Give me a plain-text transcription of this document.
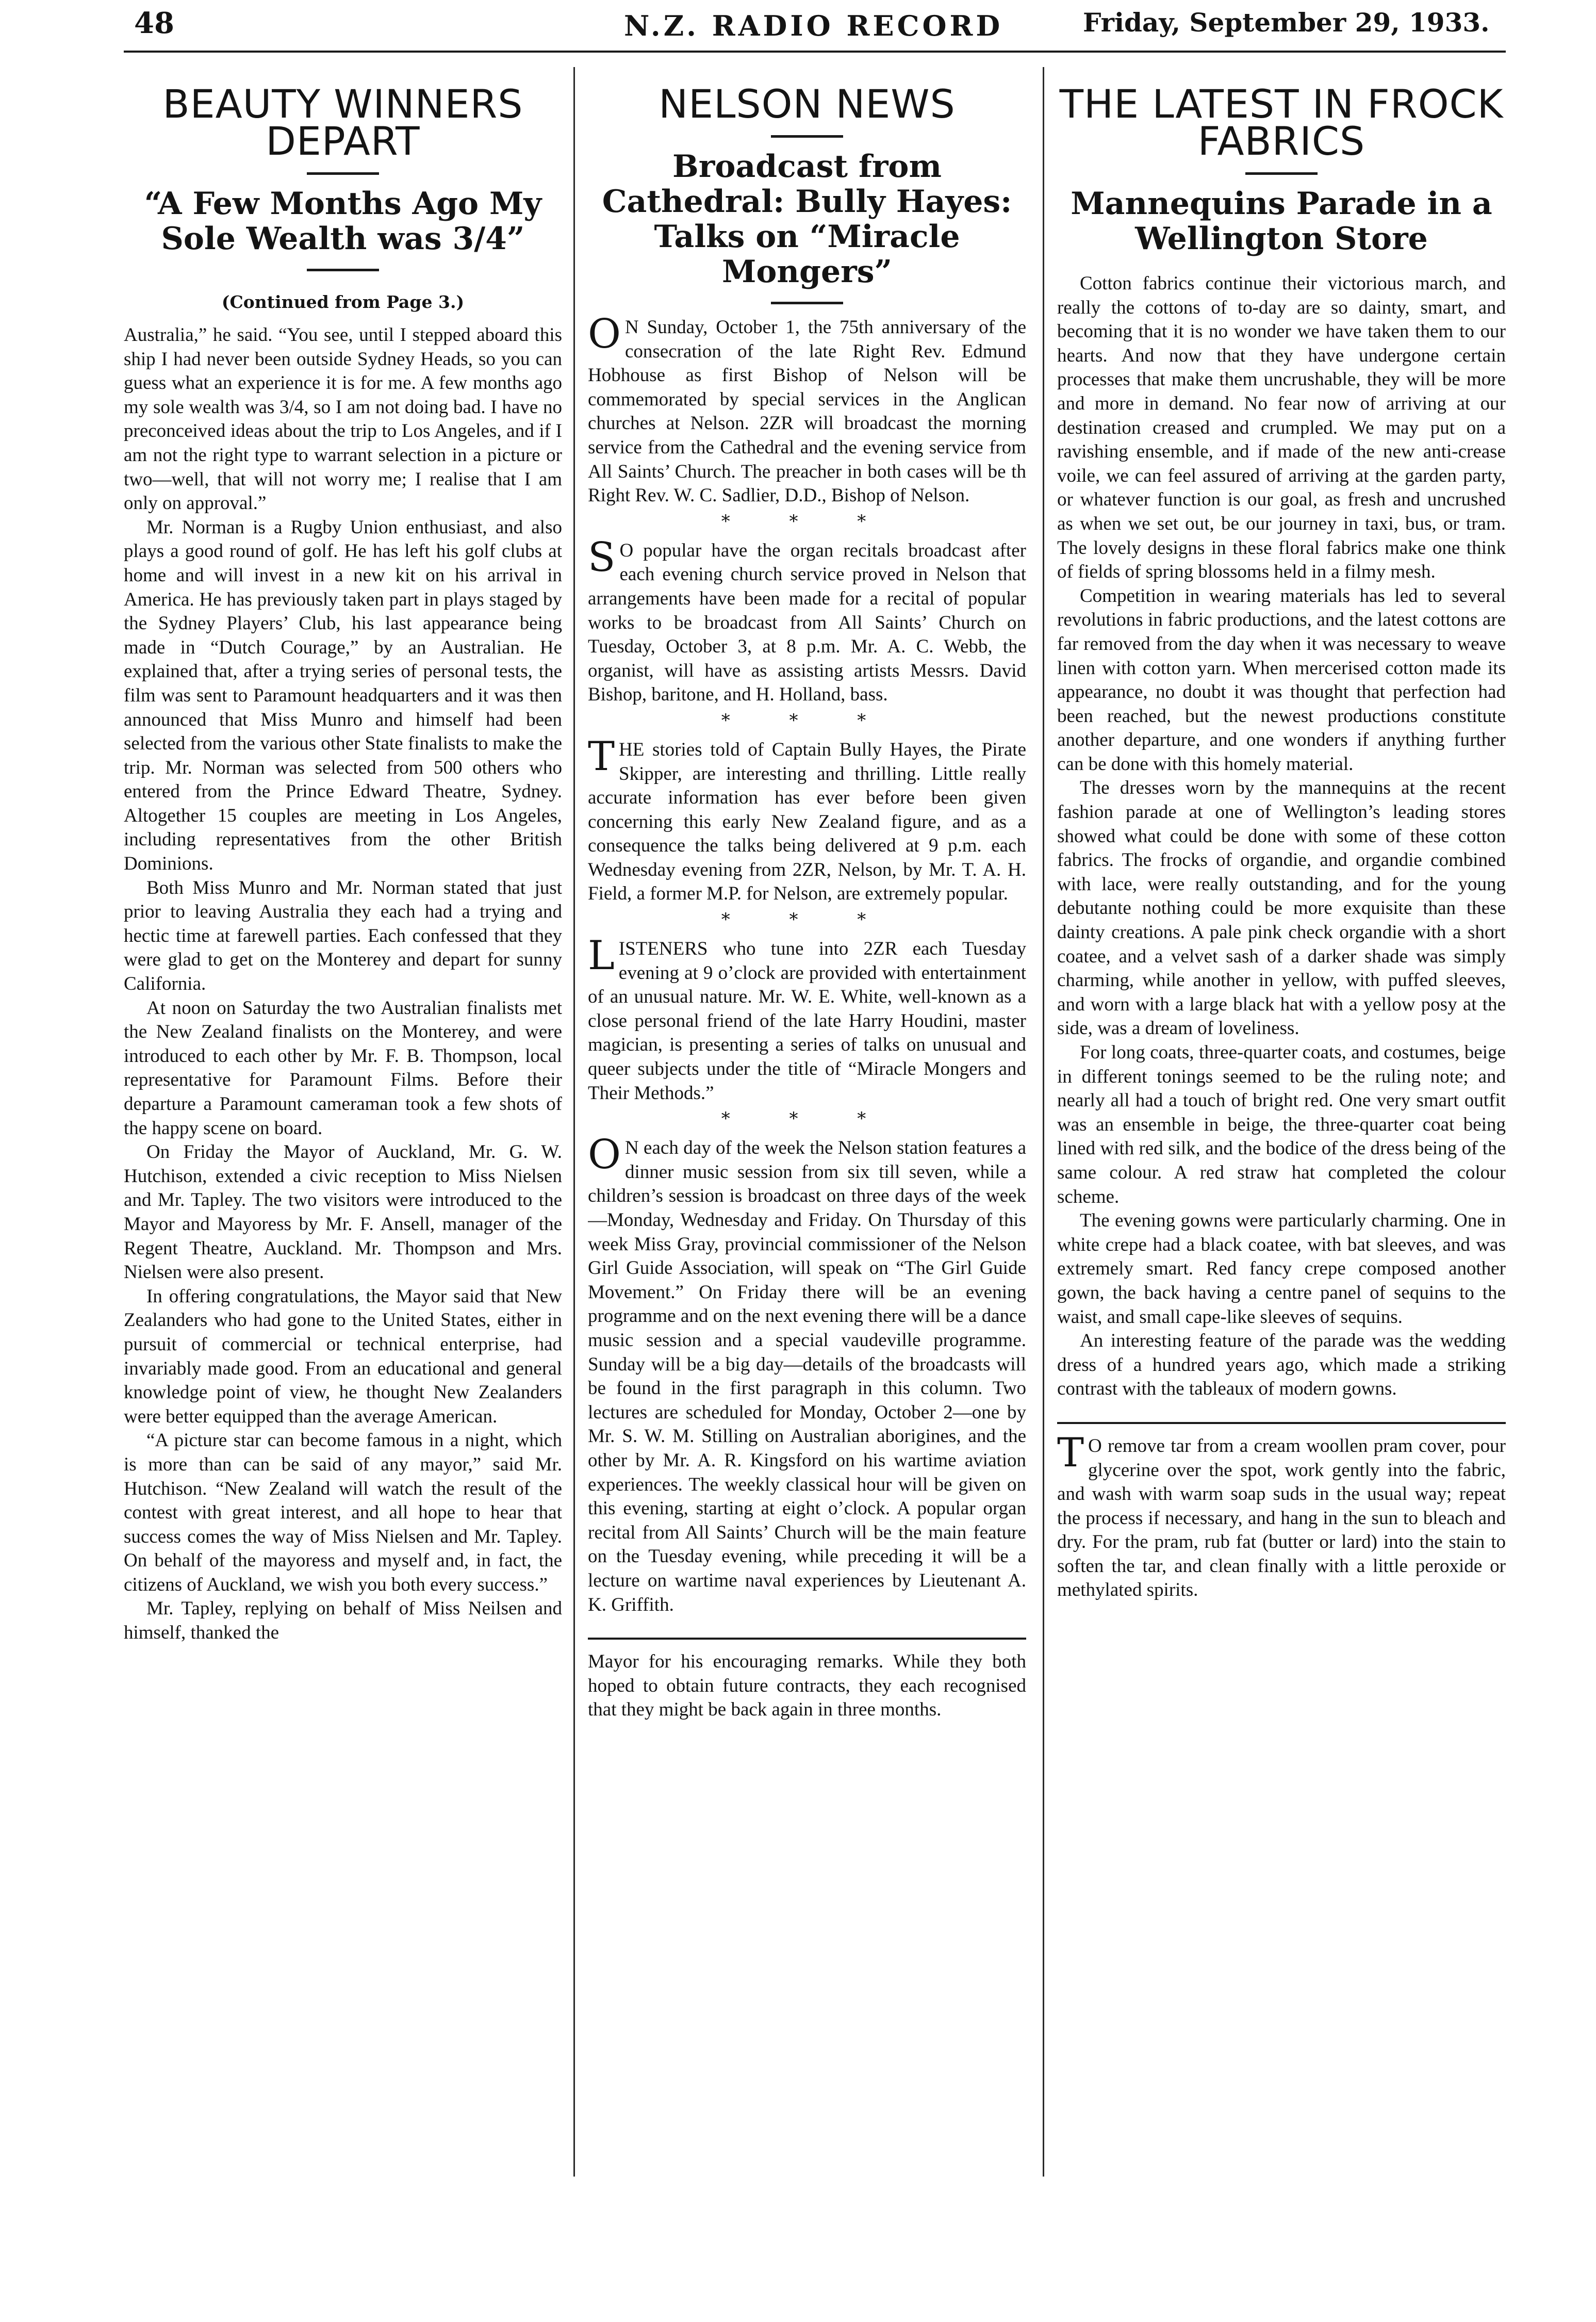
48	N.Z. RADIO RECORD	Friday, September 29, 1933.
BEAUTY WINNERS DEPART
“A Few Months Ago My Sole Wealth was 3/4”
(Continued from Page 3.)

Australia,” he said. “You see, until I stepped aboard this ship I had never been outside Sydney Heads, so you can guess what an experience it is for me. A few months ago my sole wealth was 3/4, so I am not doing bad. I have no preconceived ideas about the trip to Los Angeles, and if I am not the right type to warrant selection in a picture or two—well, that will not worry me; I realise that I am only on approval.”

Mr. Norman is a Rugby Union enthusiast, and also plays a good round of golf. He has left his golf clubs at home and will invest in a new kit on his arrival in America. He has previously taken part in plays staged by the Sydney Players’ Club, his last appearance being made in “Dutch Courage,” by an Australian. He explained that, after a trying series of personal tests, the film was sent to Paramount headquarters and it was then announced that Miss Munro and himself had been selected from the various other State finalists to make the trip. Mr. Norman was selected from 500 others who entered from the Prince Edward Theatre, Sydney. Altogether 15 couples are meeting in Los Angeles, including representatives from the other British Dominions.

Both Miss Munro and Mr. Norman stated that just prior to leaving Australia they each had a trying and hectic time at farewell parties. Each confessed that they were glad to get on the Monterey and depart for sunny California.

At noon on Saturday the two Australian finalists met the New Zealand finalists on the Monterey, and were introduced to each other by Mr. F. B. Thompson, local representative for Paramount Films. Before their departure a Paramount cameraman took a few shots of the happy scene on board.

On Friday the Mayor of Auckland, Mr. G. W. Hutchison, extended a civic reception to Miss Nielsen and Mr. Tapley. The two visitors were introduced to the Mayor and Mayoress by Mr. F. Ansell, manager of the Regent Theatre, Auckland. Mr. Thompson and Mrs. Nielsen were also present.

In offering congratulations, the Mayor said that New Zealanders who had gone to the United States, either in pursuit of commercial or technical enterprise, had invariably made good. From an educational and general knowledge point of view, he thought New Zealanders were better equipped than the average American.

“A picture star can become famous in a night, which is more than can be said of any mayor,” said Mr. Hutchison. “New Zealand will watch the result of the contest with great interest, and all hope to hear that success comes the way of Miss Nielsen and Mr. Tapley. On behalf of the mayoress and myself and, in fact, the citizens of Auckland, we wish you both every success.”

Mr. Tapley, replying on behalf of Miss Neilsen and himself, thanked the

NELSON NEWS
Broadcast from Cathedral: Bully Hayes: Talks on “Miracle Mongers”

O N Sunday, October 1, the 75th anniversary of the consecration of the late Right Rev. Edmund Hobhouse as first Bishop of Nelson will be commemorated by special services in the Anglican churches at Nelson. 2ZR will broadcast the morning service from the Cathedral and the evening service from All Saints’ Church. The preacher in both cases will be th Right Rev. W. C. Sadlier, D.D., Bishop of Nelson.

* * *

S O popular have the organ recitals broadcast after each evening church service proved in Nelson that arrangements have been made for a recital of popular works to be broadcast from All Saints’ Church on Tuesday, October 3, at 8 p.m. Mr. A. C. Webb, the organist, will have as assisting artists Messrs. David Bishop, baritone, and H. Holland, bass.

* * *

THE stories told of Captain Bully Hayes, the Pirate Skipper, are interesting and thrilling. Little really accurate information has ever before been given concerning this early New Zealand figure, and as a consequence the talks being delivered at 9 p.m. each Wednesday evening from 2ZR, Nelson, by Mr. T. A. H. Field, a former M.P. for Nelson, are extremely popular.

* * *

LISTENERS who tune into 2ZR each Tuesday evening at 9 o’clock are provided with entertainment of an unusual nature. Mr. W. E. White, well-known as a close personal friend of the late Harry Houdini, master magician, is presenting a series of talks on unusual and queer subjects under the title of “Miracle Mongers and Their Methods.”

* * *

O N each day of the week the Nelson station features a dinner music session from six till seven, while a children’s session is broadcast on three days of the week—Monday, Wednesday and Friday. On Thursday of this week Miss Gray, provincial commissioner of the Nelson Girl Guide Association, will speak on “The Girl Guide Movement.” On Friday there will be an evening programme and on the next evening there will be a dance music session and a special vaudeville programme. Sunday will be a big day—details of the broadcasts will be found in the first paragraph in this column. Two lectures are scheduled for Monday, October 2—one by Mr. S. W. M. Stilling on Australian aborigines, and the other by Mr. A. R. Kingsford on his wartime aviation experiences. The weekly classical hour will be given on this evening, starting at eight o’clock. A popular organ recital from All Saints’ Church will be the main feature on the Tuesday evening, while preceding it will be a lecture on wartime naval experiences by Lieutenant A. K. Griffith.

Mayor for his encouraging remarks. While they both hoped to obtain future contracts, they each recognised that they might be back again in three months.

THE LATEST IN FROCK FABRICS
Mannequins Parade in a Wellington Store

Cotton fabrics continue their victorious march, and really the cottons of to-day are so dainty, smart, and becoming that it is no wonder we have taken them to our hearts. And now that they have undergone certain processes that make them uncrushable, they will be more and more in demand. No fear now of arriving at our destination creased and crumpled. We may put on a ravishing ensemble, and if made of the new anti-crease voile, we can feel assured of arriving at the garden party, or whatever function is our goal, as fresh and uncrushed as when we set out, be our journey in taxi, bus, or tram. The lovely designs in these floral fabrics make one think of fields of spring blossoms held in a filmy mesh.

Competition in wearing materials has led to several revolutions in fabric productions, and the latest cottons are far removed from the day when it was necessary to weave linen with cotton yarn. When mercerised cotton made its appearance, no doubt it was thought that perfection had been reached, but the newest productions constitute another departure, and one wonders if anything further can be done with this homely material.

The dresses worn by the mannequins at the recent fashion parade at one of Wellington’s leading stores showed what could be done with some of these cotton fabrics. The frocks of organdie, and organdie combined with lace, were really outstanding, and for the young debutante nothing could be more exquisite than these dainty creations. A pale pink check organdie with a short coatee, and a velvet sash of a darker shade was simply charming, while another in yellow, with puffed sleeves, and worn with a large black hat with a yellow posy at the side, was a dream of loveliness.

For long coats, three-quarter coats, and costumes, beige in different tonings seemed to be the ruling note; and nearly all had a touch of bright red. One very smart outfit was an ensemble in beige, the three-quarter coat being lined with red silk, and the bodice of the dress being of the same colour. A red straw hat completed the colour scheme.

The evening gowns were particularly charming. One in white crepe had a black coatee, with bat sleeves, and was extremely smart. Red fancy crepe composed another gown, the back having a centre panel of sequins to the waist, and small cape-like sleeves of sequins.

An interesting feature of the parade was the wedding dress of a hundred years ago, which made a striking contrast with the tableaux of modern gowns.

T O remove tar from a cream woollen pram cover, pour glycerine over the spot, work gently into the fabric, and wash with warm soap suds in the usual way; repeat the process if necessary, and hang in the sun to bleach and dry. For the pram, rub fat (butter or lard) into the stain to soften the tar, and clean finally with a little peroxide or methylated spirits.
